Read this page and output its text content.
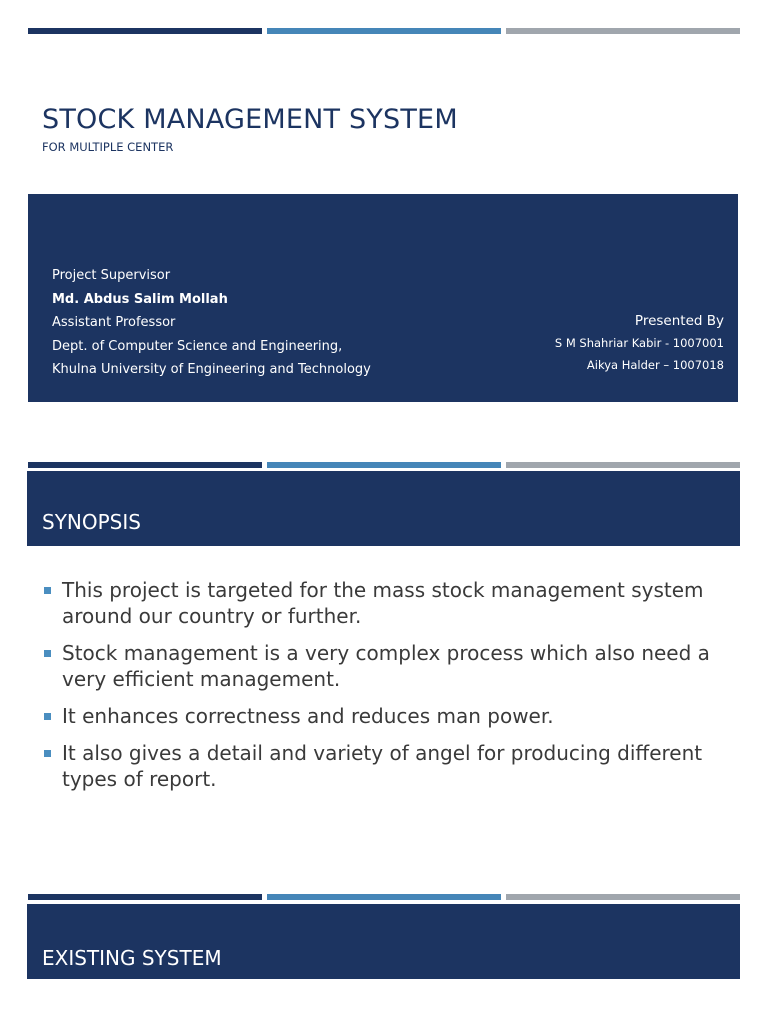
STOCK MANAGEMENT SYSTEM
FOR MULTIPLE CENTER
Project Supervisor
Md. Abdus Salim Mollah
Assistant Professor
Dept. of Computer Science and Engineering,
Khulna University of Engineering and Technology
Presented By
S M Shahriar Kabir - 1007001
Aikya Halder – 1007018
SYNOPSIS
This project is targeted for the mass stock management system around our country or further.
Stock management is a very complex process which also need a very efficient management.
It enhances correctness and reduces man power.
It also gives a detail and variety of angel for producing different types of report.
EXISTING SYSTEM
